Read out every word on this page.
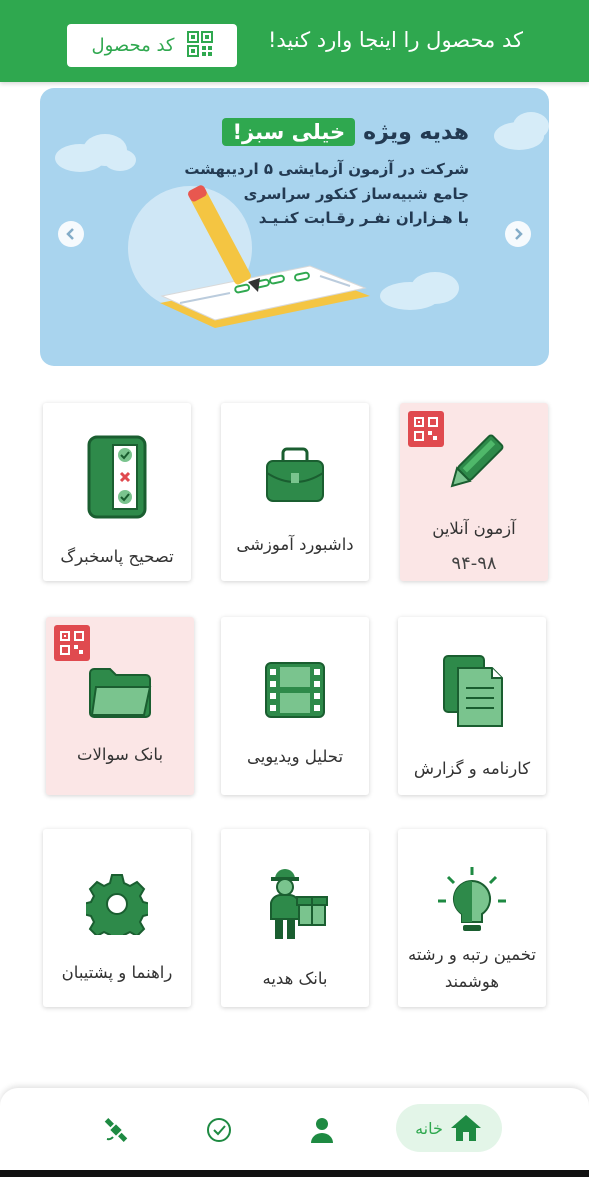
کد محصول را اینجا وارد کنید!
کد محصول
هدیه ویژه
خیلی سبز!
شرکت در آزمون آزمایشی ۵ اردیبهشت
جامع شبیه‌ساز کنکور سراسری
با هـزاران نفـر رقـابت کنـیـد
آزمون آنلاین
۹۴-۹۸
داشبورد آموزشی
تصحیح پاسخبرگ
کارنامه و گزارش
تحلیل ویدیویی
بانک سوالات
تخمین رتبه و رشته هوشمند
بانک هدیه
راهنما و پشتیبان
خانه
